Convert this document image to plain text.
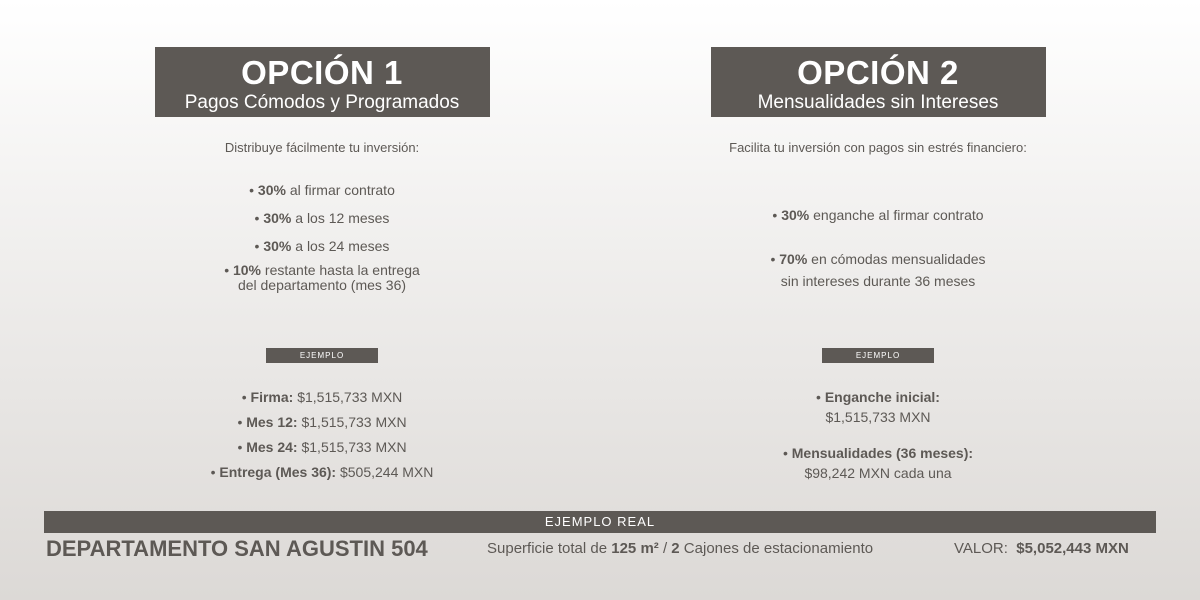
OPCIÓN 1
Pagos Cómodos y Programados
Distribuye fácilmente tu inversión:

• 30% al firmar contrato

• 30% a los 12 meses

• 30% a los 24 meses

• 10% restante hasta la entrega
del departamento (mes 36)

EJEMPLO

• Firma: $1,515,733 MXN

• Mes 12: $1,515,733 MXN

• Mes 24: $1,515,733 MXN

• Entrega (Mes 36): $505,244 MXN

OPCIÓN 2
Mensualidades sin Intereses
Facilita tu inversión con pagos sin estrés financiero:

• 30% enganche al firmar contrato

• 70% en cómodas mensualidades
sin intereses durante 36 meses

EJEMPLO

• Enganche inicial:
$1,515,733 MXN

• Mensualidades (36 meses):
$98,242 MXN cada una

EJEMPLO REAL
DEPARTAMENTO SAN AGUSTIN 504	Superficie total de 125 m² / 2 Cajones de estacionamiento	VALOR: $5,052,443 MXN
